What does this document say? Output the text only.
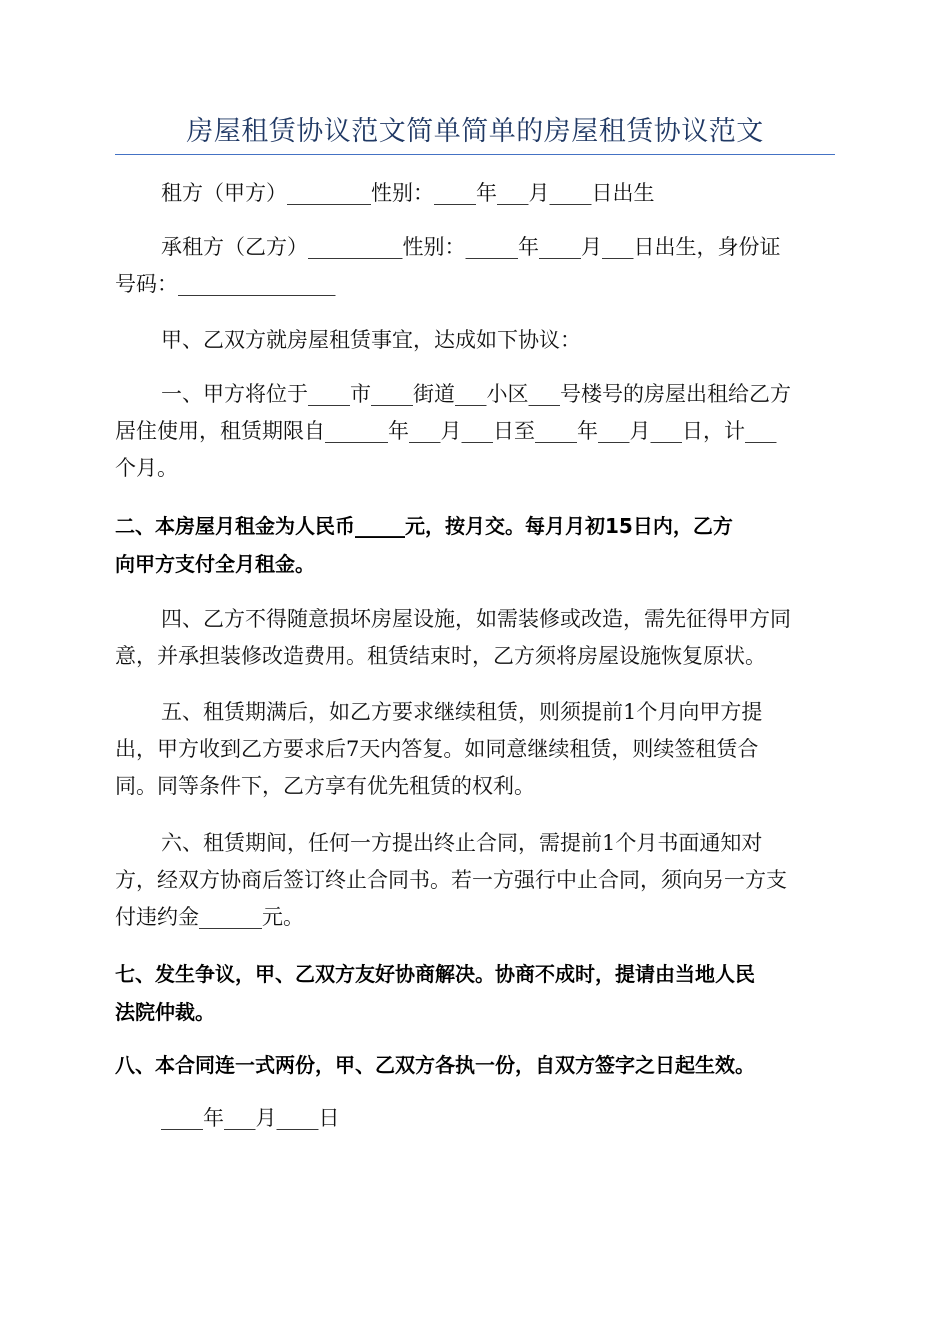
房屋租赁协议范文简单简单的房屋租赁协议范文
租方（甲方）________性别：____年___月____日出生
承租方（乙方）_________性别：_____年____月___日出生，身份证
号码：_______________
甲、乙双方就房屋租赁事宜，达成如下协议：
一、甲方将位于____市____街道___小区___号楼号的房屋出租给乙方
居住使用，租赁期限自______年___月___日至____年___月___日，计___
个月。
二、本房屋月租金为人民币_____元，按月交。每月月初15日内，乙方
向甲方支付全月租金。
四、乙方不得随意损坏房屋设施，如需装修或改造，需先征得甲方同
意，并承担装修改造费用。租赁结束时，乙方须将房屋设施恢复原状。
五、租赁期满后，如乙方要求继续租赁，则须提前1个月向甲方提
出，甲方收到乙方要求后7天内答复。如同意继续租赁，则续签租赁合
同。同等条件下，乙方享有优先租赁的权利。
六、租赁期间，任何一方提出终止合同，需提前1个月书面通知对
方，经双方协商后签订终止合同书。若一方强行中止合同，须向另一方支
付违约金______元。
七、发生争议，甲、乙双方友好协商解决。协商不成时，提请由当地人民
法院仲裁。
八、本合同连一式两份，甲、乙双方各执一份，自双方签字之日起生效。
____年___月____日
